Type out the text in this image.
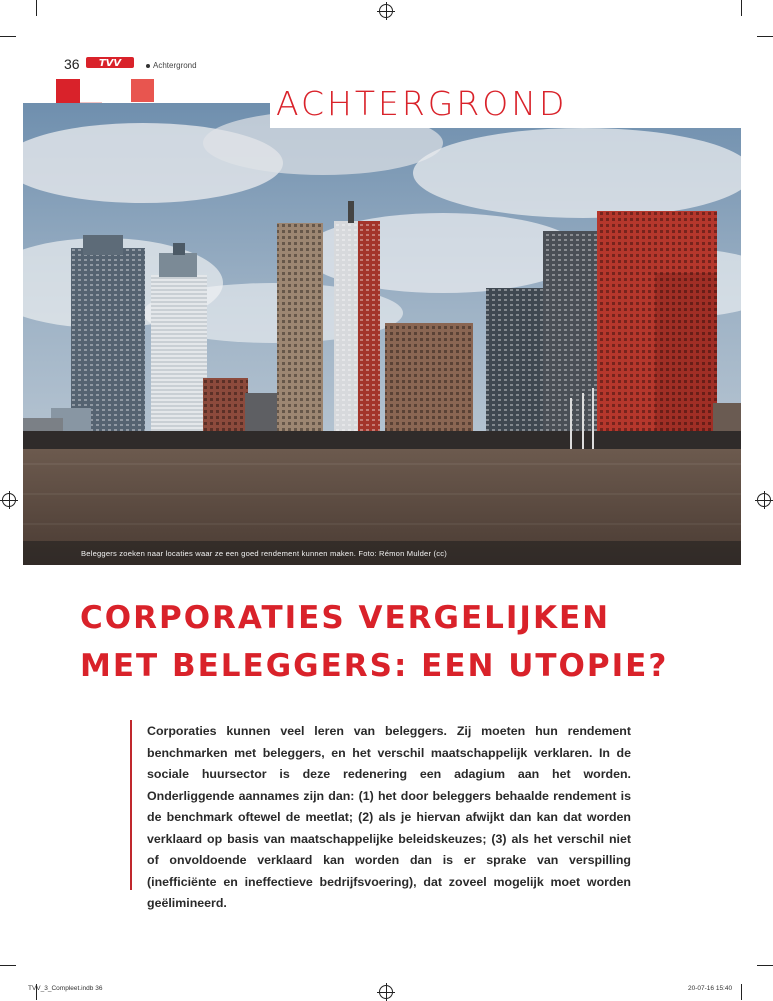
36 TVV	Achtergrond
Beleggers zoeken naar locaties waar ze een goed rendement kunnen maken. Foto: Rémon Mulder (cc)
ACHTERGROND
CORPORATIES VERGELIJKEN
MET BELEGGERS: EEN UTOPIE?

Corporaties kunnen veel leren van beleggers. Zij moeten hun rendement benchmarken met beleggers, en het verschil maatschappelijk verklaren. In de sociale huursector is deze redenering een adagium aan het worden. Onderliggende aannames zijn dan: (1) het door beleggers behaalde rendement is de benchmark oftewel de meetlat; (2) als je hiervan afwijkt dan kan dat worden verklaard op basis van maatschappelijke beleidskeuzes; (3) als het verschil niet of onvoldoende verklaard kan worden dan is er sprake van verspilling (inefficiënte en ineffectieve bedrijfsvoering), dat zoveel mogelijk moet worden geëlimineerd.

TVV_3_Compleet.indb 36	20-07-16 15:40
